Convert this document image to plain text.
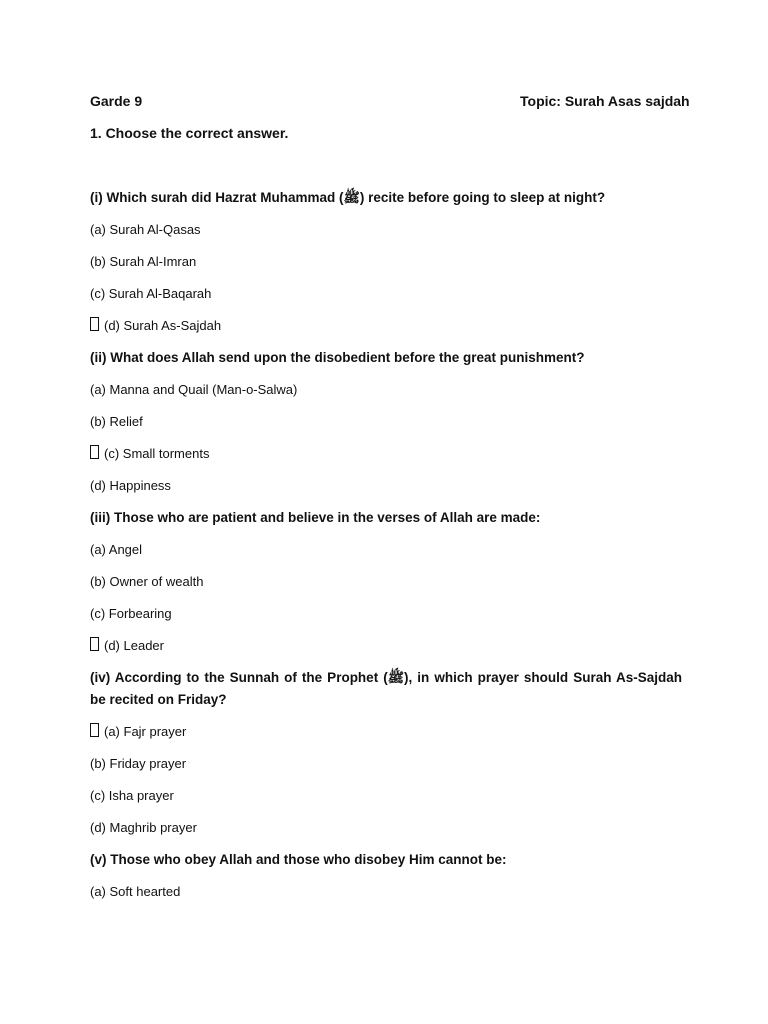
Garde 9	Topic: Surah Asas sajdah
1. Choose the correct answer.
(i) Which surah did Hazrat Muhammad (ﷺ) recite before going to sleep at night?
(a) Surah Al-Qasas
(b) Surah Al-Imran
(c) Surah Al-Baqarah
(d) Surah As-Sajdah
(ii) What does Allah send upon the disobedient before the great punishment?
(a) Manna and Quail (Man-o-Salwa)
(b) Relief
(c) Small torments
(d) Happiness
(iii) Those who are patient and believe in the verses of Allah are made:
(a) Angel
(b) Owner of wealth
(c) Forbearing
(d) Leader
(iv) According to the Sunnah of the Prophet (ﷺ), in which prayer should Surah As-Sajdah be recited on Friday?
(a) Fajr prayer
(b) Friday prayer
(c) Isha prayer
(d) Maghrib prayer
(v) Those who obey Allah and those who disobey Him cannot be:
(a) Soft hearted
